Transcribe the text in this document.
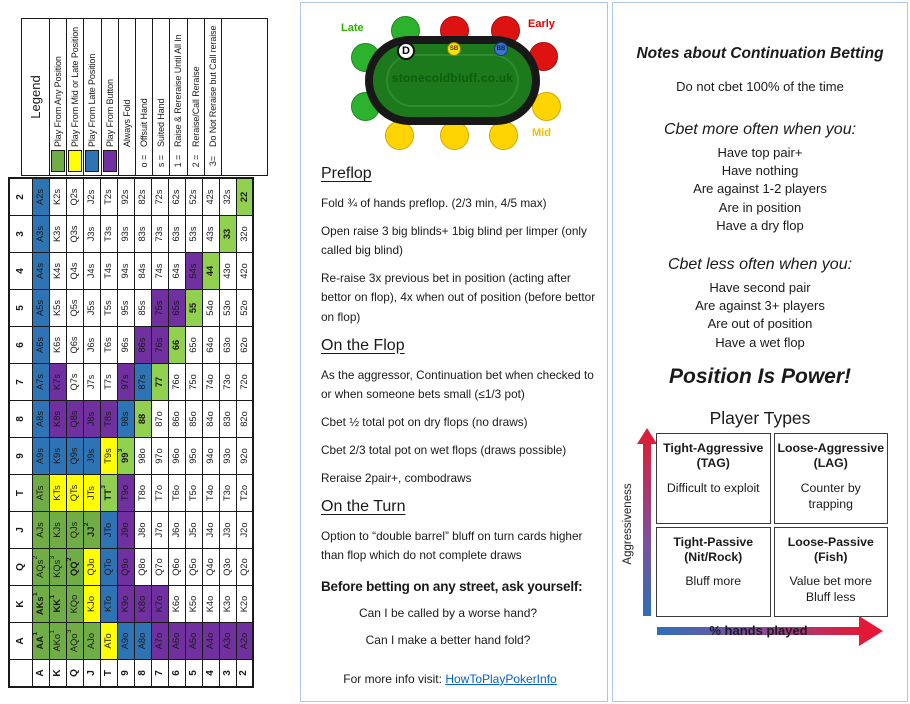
	A	K	Q	J	T	9	8	7	6	5	4	3	2
A	$AA^1$	AKs$^1$	AQs$^2$	AJs	ATs	A9s	A8s	A7s	A6s	A5s	A4s	A3s	A2s
K	AKo$^1$	$KK^1$	KQs$^3$	KJs	KTs	K9s	K8s	K7s	K6s	K5s	K4s	K3s	K2s
Q	AQo$^3$	KQo	$QQ^2$	QJs	QTs	Q9s	Q8s	Q7s	Q6s	Q5s	Q4s	Q3s	Q2s
J	AJo	KJo	QJo	$JJ^2$	JTs	J9s	J8s	J7s	J6s	J5s	J4s	J3s	J2s
T	ATo	KTo	QTo	JTo	$TT^3$	T9s	T8s	T7s	T6s	T5s	T4s	T3s	T2s
9	A9o	K9o	Q9o	J9o	T9o	$99^3$	98s	97s	96s	95s	94s	93s	92s
8	A8o	K8o	Q8o	J8o	T8o	98o	88	87s	86s	85s	84s	83s	82s
7	A7o	K7o	Q7o	J7o	T7o	97o	87o	77	76s	75s	74s	73s	72s
6	A6o	K6o	Q6o	J6o	T6o	96o	86o	76o	66	65s	64s	63s	62s
5	A5o	K5o	Q5o	J5o	T5o	95o	85o	75o	65o	55	54s	53s	52s
4	A4o	K4o	Q4o	J4o	T4o	94o	84o	74o	64o	54o	44	43s	42s
3	A3o	K3o	Q3o	J3o	T3o	93o	83o	73o	63o	53o	43o	33	32s
2	A2o	K2o	Q2o	J2o	T2o	92o	82o	72o	62o	52o	42o	32o	22
Legend	Play From Any Position Play From Mid or Late Position Play From Late Position Play From Button Always Fold
o =
Offsuit Hand
s =
Suited Hand
1 =
Raise & Rereraise Until All In
2 =
Reraise/Call Reraise
3=
Do Not Reraise but Call reraise	Late	Early
Mid
stonecoldbluff.co.uk
D	SB	BB
Preflop

Fold ¾ of hands preflop. (2/3 min, 4/5 max)

Open raise 3 big blinds+ 1big blind per limper (only called big blind)

Re-raise 3x previous bet in position (acting after bettor on flop), 4x when out of position (before bettor on flop)

On the Flop

As the aggressor, Continuation bet when checked to or when someone bets small (≤1/3 pot)

Cbet ½ total pot on dry flops (no draws)

Cbet 2/3 total pot on wet flops (draws possible)

Reraise 2pair+, combodraws

On the Turn

Option to “double barrel” bluff on turn cards higher than flop which do not complete draws

Before betting on any street, ask yourself:
Can I be called by a worse hand?
Can I make a better hand fold?
For more info visit: HowToPlayPokerInfo
Notes about Continuation Betting
Do not cbet 100% of the time
Cbet more often when you:
Have top pair+
Have nothing
Are against 1-2 players
Are in position
Have a dry flop
Cbet less often when you:
Have second pair
Are against 3+ players
Are out of position
Have a wet flop
Position Is Power!
Player Types
Aggressiveness
Tight-Aggressive
(TAG)
Difficult to exploit
Loose-Aggressive
(LAG)
Counter by
trapping
Tight-Passive
(Nit/Rock)
Bluff more
Loose-Passive
(Fish)
Value bet more
Bluff less
% hands played
